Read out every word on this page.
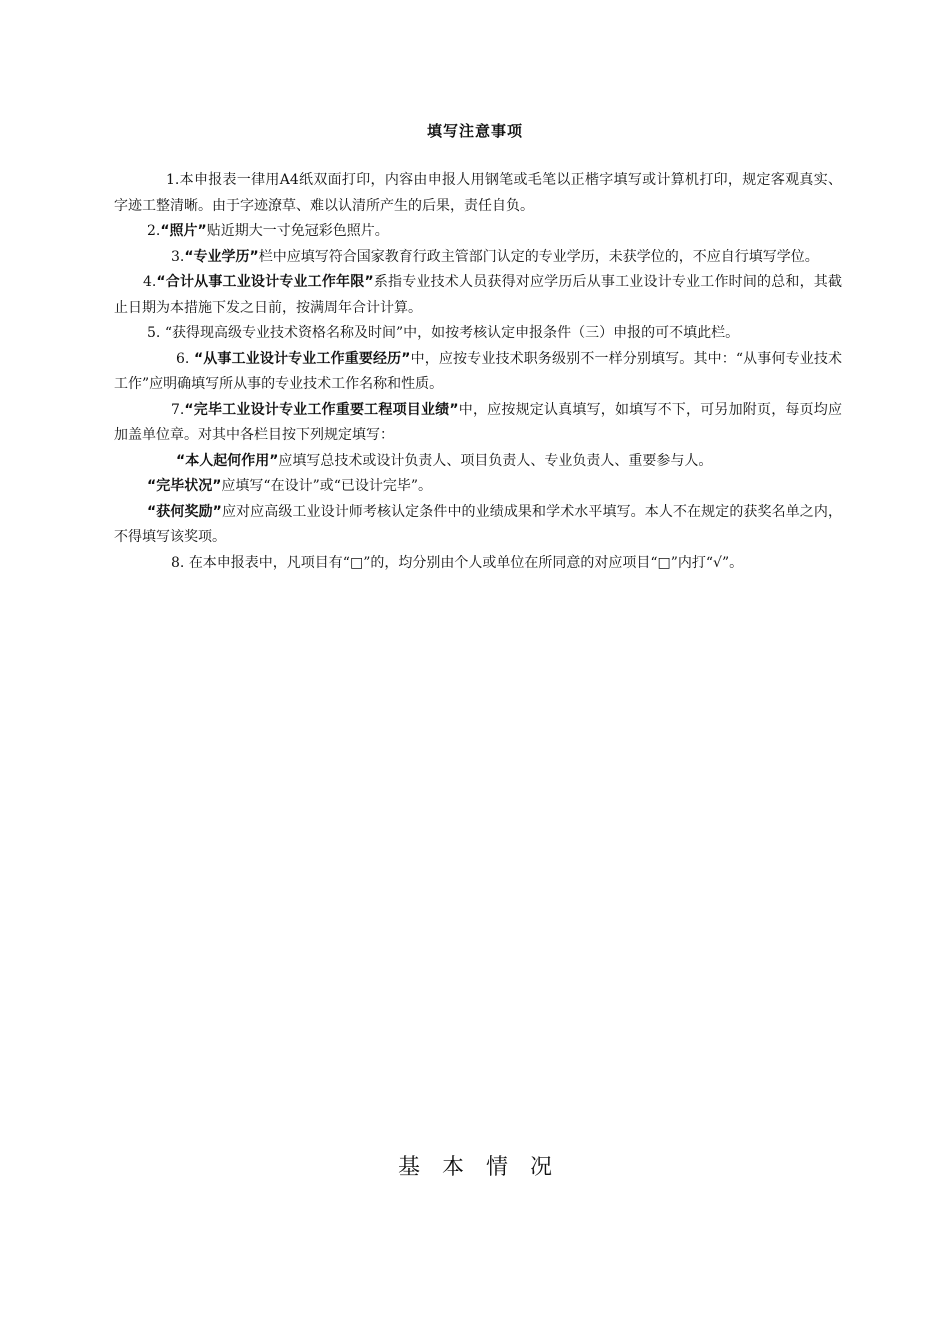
填写注意事项

1.本申报表一律用A4纸双面打印，内容由申报人用钢笔或毛笔以正楷字填写或计算机打印，规定客观真实、字迹工整清晰。由于字迹潦草、难以认清所产生的后果，责任自负。

2.“照片”贴近期大一寸免冠彩色照片。

3.“专业学历”栏中应填写符合国家教育行政主管部门认定的专业学历，未获学位的，不应自行填写学位。

4.“合计从事工业设计专业工作年限”系指专业技术人员获得对应学历后从事工业设计专业工作时间的总和，其截止日期为本措施下发之日前，按满周年合计计算。

5. “获得现高级专业技术资格名称及时间”中，如按考核认定申报条件（三）申报的可不填此栏。

6. “从事工业设计专业工作重要经历”中，应按专业技术职务级别不一样分别填写。其中：“从事何专业技术工作”应明确填写所从事的专业技术工作名称和性质。

7.“完毕工业设计专业工作重要工程项目业绩”中，应按规定认真填写，如填写不下，可另加附页，每页均应加盖单位章。对其中各栏目按下列规定填写：

“本人起何作用”应填写总技术或设计负责人、项目负责人、专业负责人、重要参与人。

“完毕状况”应填写“在设计”或“已设计完毕”。

“获何奖励”应对应高级工业设计师考核认定条件中的业绩成果和学术水平填写。本人不在规定的获奖名单之内，不得填写该奖项。

8. 在本申报表中，凡项目有“□”的，均分别由个人或单位在所同意的对应项目“□”内打“√”。

基本情况
